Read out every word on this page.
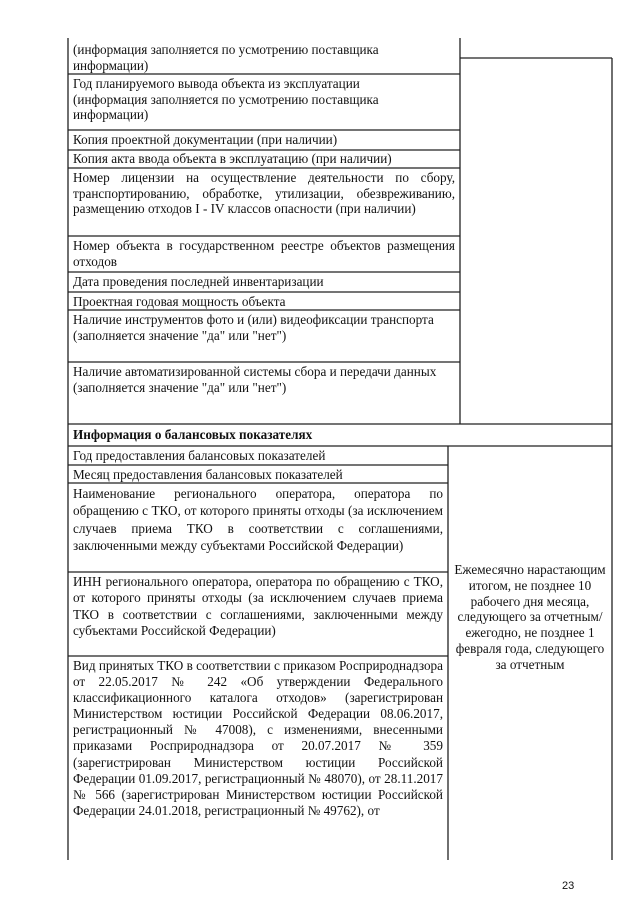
(информация заполняется по усмотрению поставщика
информации)
Год планируемого вывода объекта из эксплуатации
(информация заполняется по усмотрению поставщика
информации)
Копия проектной документации (при наличии)
Копия акта ввода объекта в эксплуатацию (при наличии)
Номер лицензии на осуществление деятельности по сбору, транспортированию, обработке, утилизации, обезвреживанию, размещению отходов I - IV классов опасности (при наличии)
Номер объекта в государственном реестре объектов размещения отходов
Дата проведения последней инвентаризации
Проектная годовая мощность объекта
Наличие инструментов фото и (или) видеофиксации транспорта
(заполняется значение "да" или "нет")
Наличие автоматизированной системы сбора и передачи данных
(заполняется значение "да" или "нет")
Информация о балансовых показателях
Год предоставления балансовых показателей
Месяц предоставления балансовых показателей
Наименование регионального оператора, оператора по обращению с ТКО, от которого приняты отходы (за исключением случаев приема ТКО в соответствии с соглашениями, заключенными между субъектами Российской Федерации)
ИНН регионального оператора, оператора по обращению с ТКО, от которого приняты отходы (за исключением случаев приема ТКО в соответствии с соглашениями, заключенными между субъектами Российской Федерации)
Вид принятых ТКО в соответствии с приказом Росприроднадзора от 22.05.2017 № 242 «Об утверждении Федерального классификационного каталога отходов» (зарегистрирован Министерством юстиции Российской Федерации 08.06.2017, регистрационный № 47008), с изменениями, внесенными приказами Росприроднадзора от 20.07.2017 № 359 (зарегистрирован Министерством юстиции Российской Федерации 01.09.2017, регистрационный № 48070), от 28.11.2017 № 566 (зарегистрирован Министерством юстиции Российской Федерации 24.01.2018, регистрационный № 49762), от
Ежемесячно нарастающим итогом, не позднее 10 рабочего дня месяца, следующего за отчетным/ежегодно, не позднее 1 февраля года, следующего за отчетным
23
